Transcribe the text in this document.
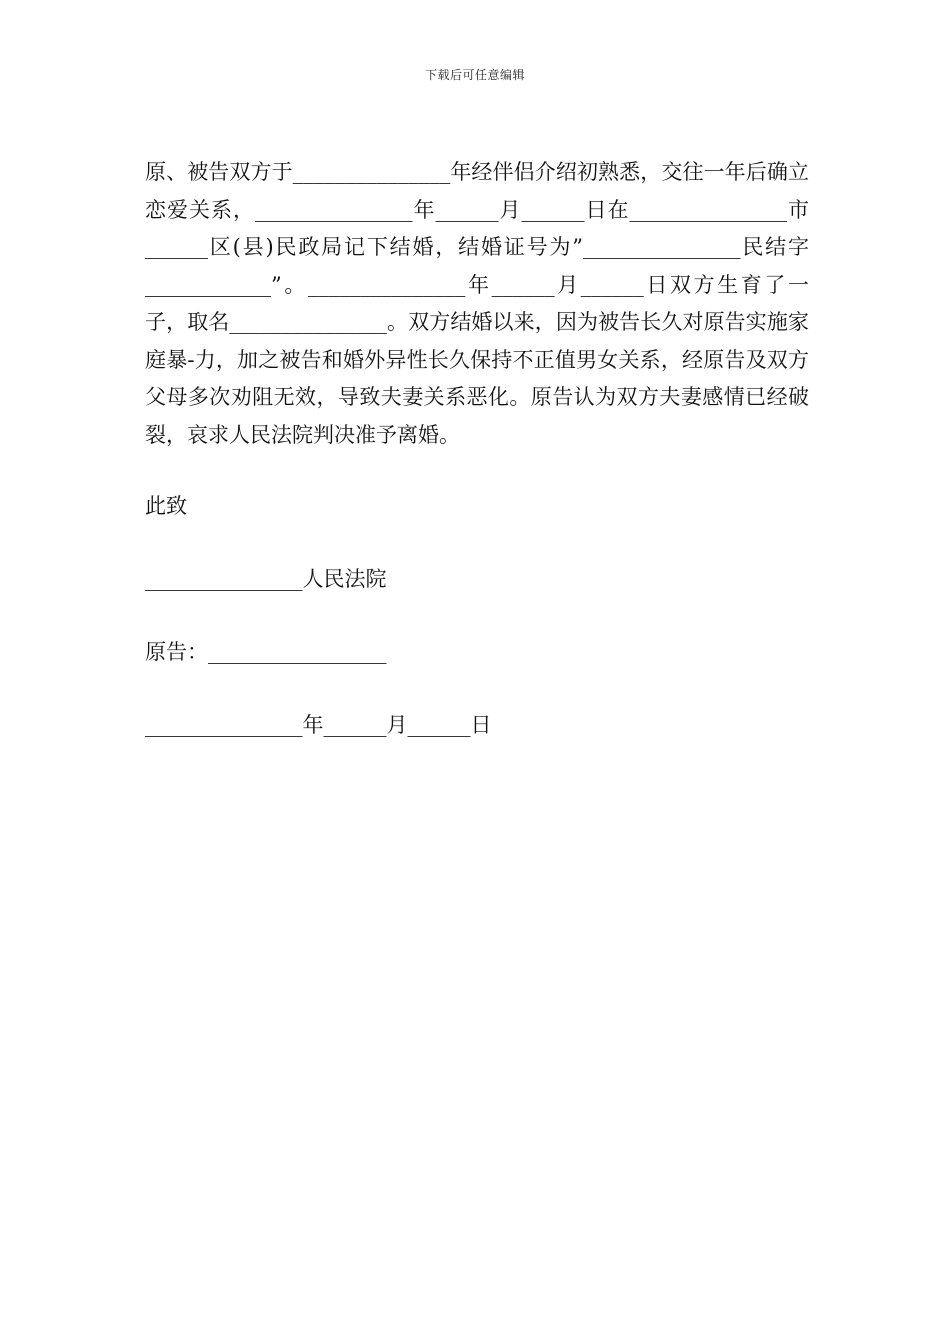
下载后可任意编辑

原、被告双方于_______________年经伴侣介绍初熟悉，交往一年后确立恋爱关系，_______________年______月______日在_______________市______区(县)民政局记下结婚，结婚证号为”_______________民结字____________”。_______________年______月______日双方生育了一子，取名_______________。双方结婚以来，因为被告长久对原告实施家庭暴-力，加之被告和婚外异性长久保持不正值男女关系，经原告及双方父母多次劝阻无效，导致夫妻关系恶化。原告认为双方夫妻感情已经破裂，哀求人民法院判决准予离婚。

此致

_______________人民法院

原告：_________________

_______________年______月______日
